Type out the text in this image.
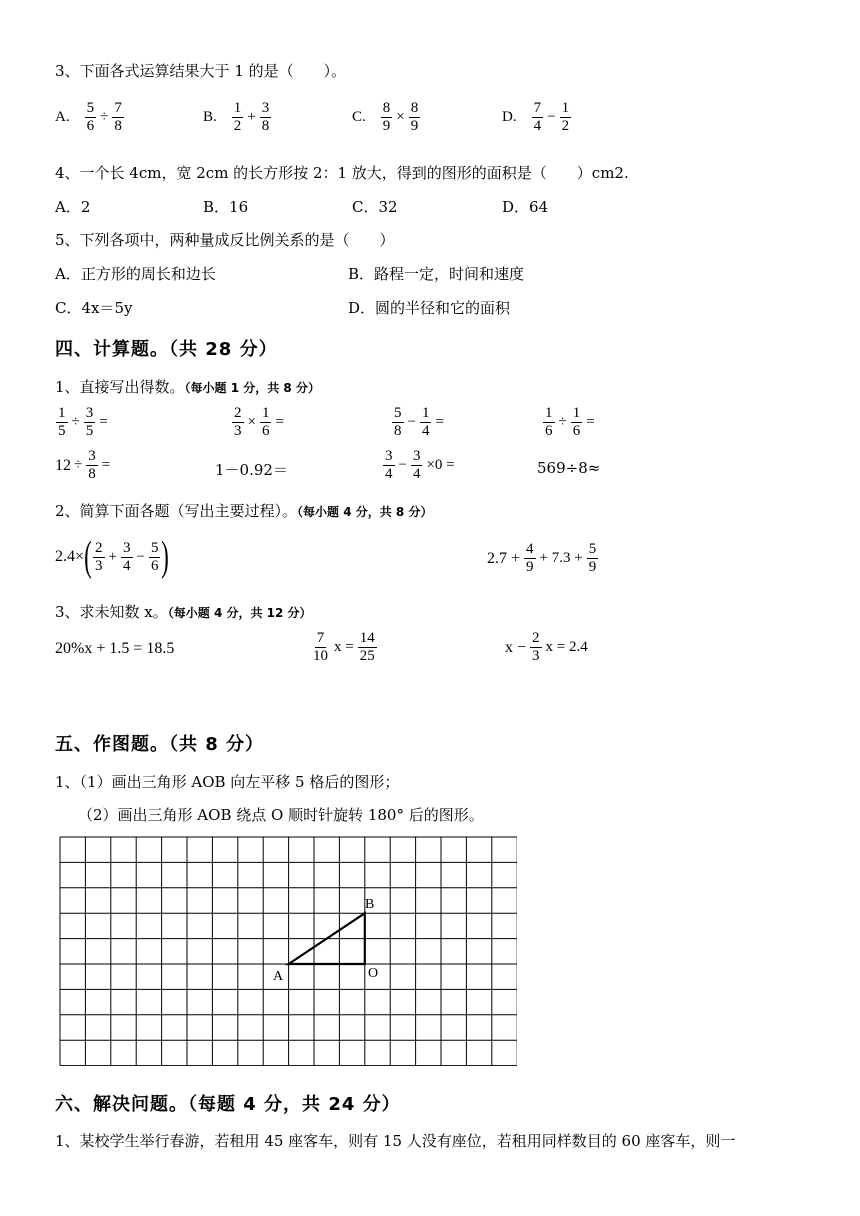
3、下面各式运算结果大于 1 的是（　　）。
A. $\frac{5}{6} \div \frac{7}{8}$	B. $\frac{1}{2} + \frac{3}{8}$	C. $\frac{8}{9} \times \frac{8}{9}$	D. $\frac{7}{4} - \frac{1}{2}$
4、一个长 4cm，宽 2cm 的长方形按 2：1 放大，得到的图形的面积是（　　）cm2.
A．2	B．16	C．32	D．64
5、下列各项中，两种量成反比例关系的是（　　）
A．正方形的周长和边长	B．路程一定，时间和速度
C．4x＝5y	D．圆的半径和它的面积
四、计算题。（共 28 分）
1、直接写出得数。（每小题 1 分，共 8 分）
$\frac{1}{5} \div \frac{3}{5}$ =	$\frac{2}{3} \times \frac{1}{6}$ =	$\frac{5}{8} - \frac{1}{4}$ =	$\frac{1}{6} \div \frac{1}{6}$ =
$12 \div \frac{3}{8}$ =	1－0.92＝	$\frac{3}{4} - \frac{3}{4} \times 0$ =	569÷8≈
2、简算下面各题（写出主要过程）。（每小题 4 分，共 8 分）
2.4× ( $\frac{2}{3} + \frac{3}{4} - \frac{5}{6}$ )	$2.7 + \frac{4}{9} + 7.3 + \frac{5}{9}$
3、求未知数 x。（每小题 4 分，共 12 分）
20%x + 1.5 = 18.5	$\frac{7}{10}$ $x = \frac{14}{25}$	$x - \frac{2}{3}$ x = 2.4
五、作图题。（共 8 分）
1、（1）画出三角形 AOB 向左平移 5 格后的图形；
（2）画出三角形 AOB 绕点 O 顺时针旋转 180° 后的图形。
A
B
O
六、解决问题。（每题 4 分，共 24 分）
1、某校学生举行春游，若租用 45 座客车，则有 15 人没有座位，若租用同样数目的 60 座客车，则一
